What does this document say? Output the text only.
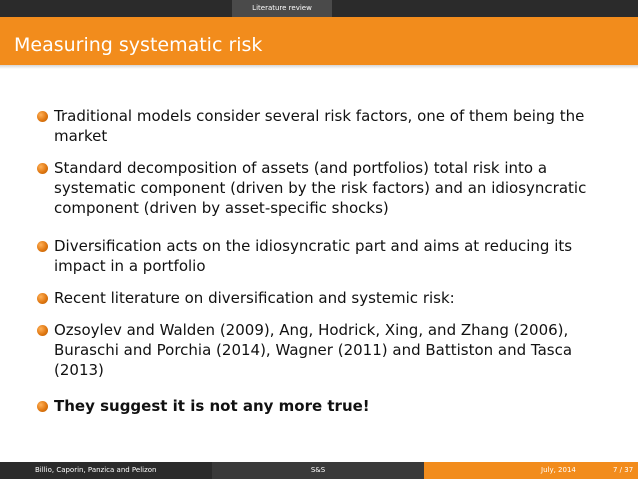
Literature review
Measuring systematic risk
Traditional models consider several risk factors, one of them being the market
Standard decomposition of assets (and portfolios) total risk into a systematic component (driven by the risk factors) and an idiosyncratic component (driven by asset-specific shocks)
Diversification acts on the idiosyncratic part and aims at reducing its impact in a portfolio
Recent literature on diversification and systemic risk:
Ozsoylev and Walden (2009), Ang, Hodrick, Xing, and Zhang (2006), Buraschi and Porchia (2014), Wagner (2011) and Battiston and Tasca (2013)
They suggest it is not any more true!
Billio, Caporin, Panzica and Pelizon	S&S	July, 2014	7 / 37
